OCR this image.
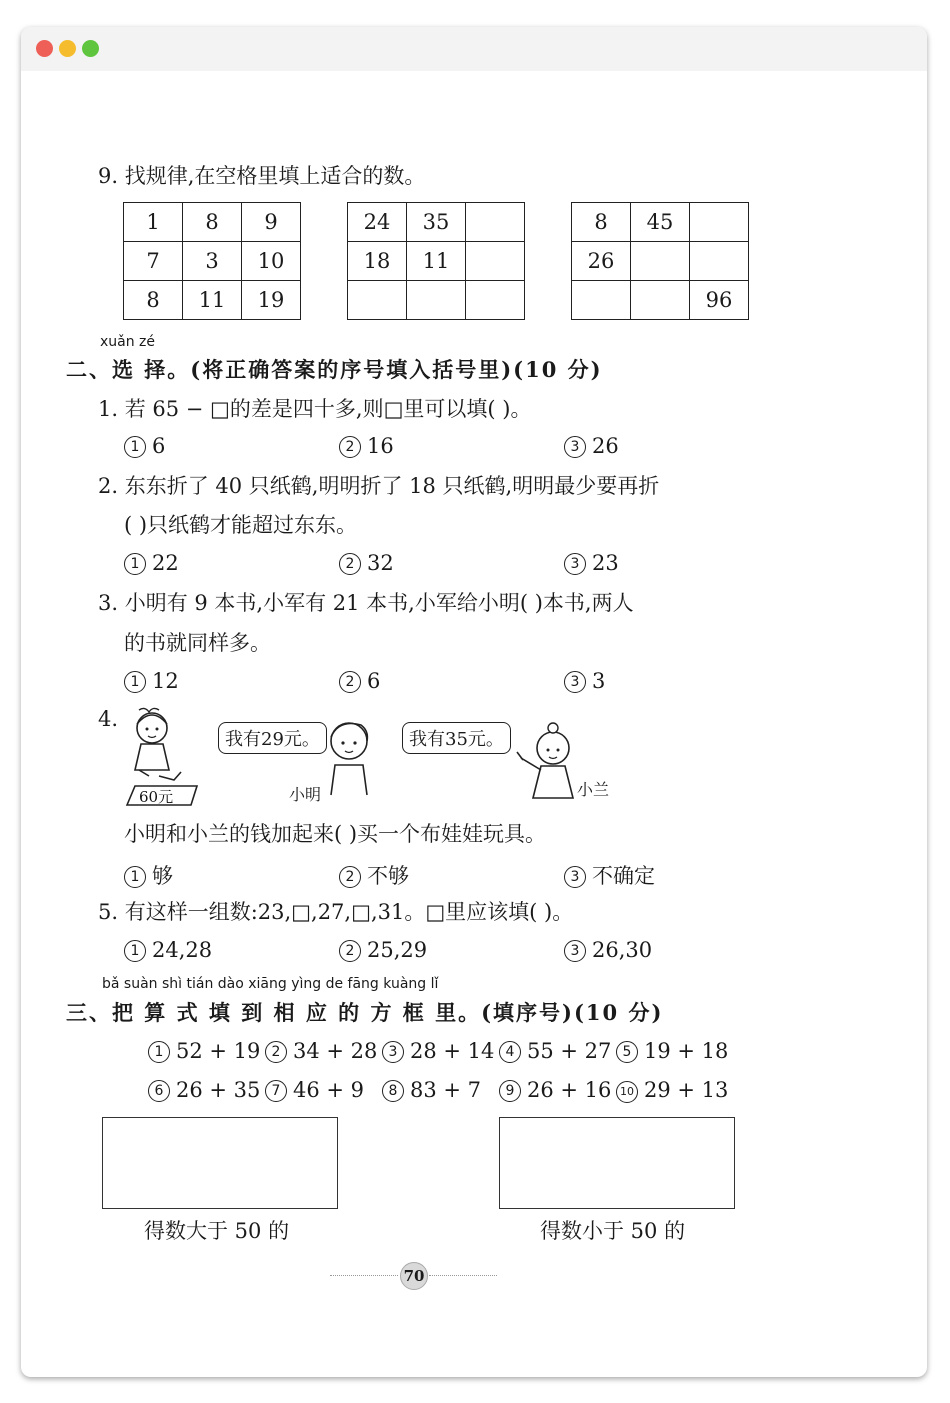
9. 找规律,在空格里填上适合的数。
1	8	9
7	3	10
8	11	19
24	35	
18	11	

8	45	
26		
		96
xuǎn zé
二、选 择。(将正确答案的序号填入括号里)(10 分)
1. 若 65 − □的差是四十多,则□里可以填( )。
1 6	2 16	3 26
2. 东东折了 40 只纸鹤,明明折了 18 只纸鹤,明明最少要再折
( )只纸鹤才能超过东东。
1 22	2 32	3 23
3. 小明有 9 本书,小军有 21 本书,小军给小明( )本书,两人
的书就同样多。
1 12	2 6	3 3
4.
60元
我有29元。
小明
我有35元。
小兰
小明和小兰的钱加起来( )买一个布娃娃玩具。
1 够	2 不够	3 不确定
5. 有这样一组数:23,□,27,□,31。□里应该填( )。
1 24,28	2 25,29	3 26,30
bǎ suàn shì tián dào xiāng yìng de fāng kuàng lǐ
三、把 算 式 填 到 相 应 的 方 框 里。(填序号)(10 分)
1 52 + 19 2 34 + 28 3 28 + 14 4 55 + 27 5 19 + 18
6 26 + 35 7 46 + 9	8 83 + 7	9 26 + 16 10 29 + 13
得数大于 50 的	得数小于 50 的
70
